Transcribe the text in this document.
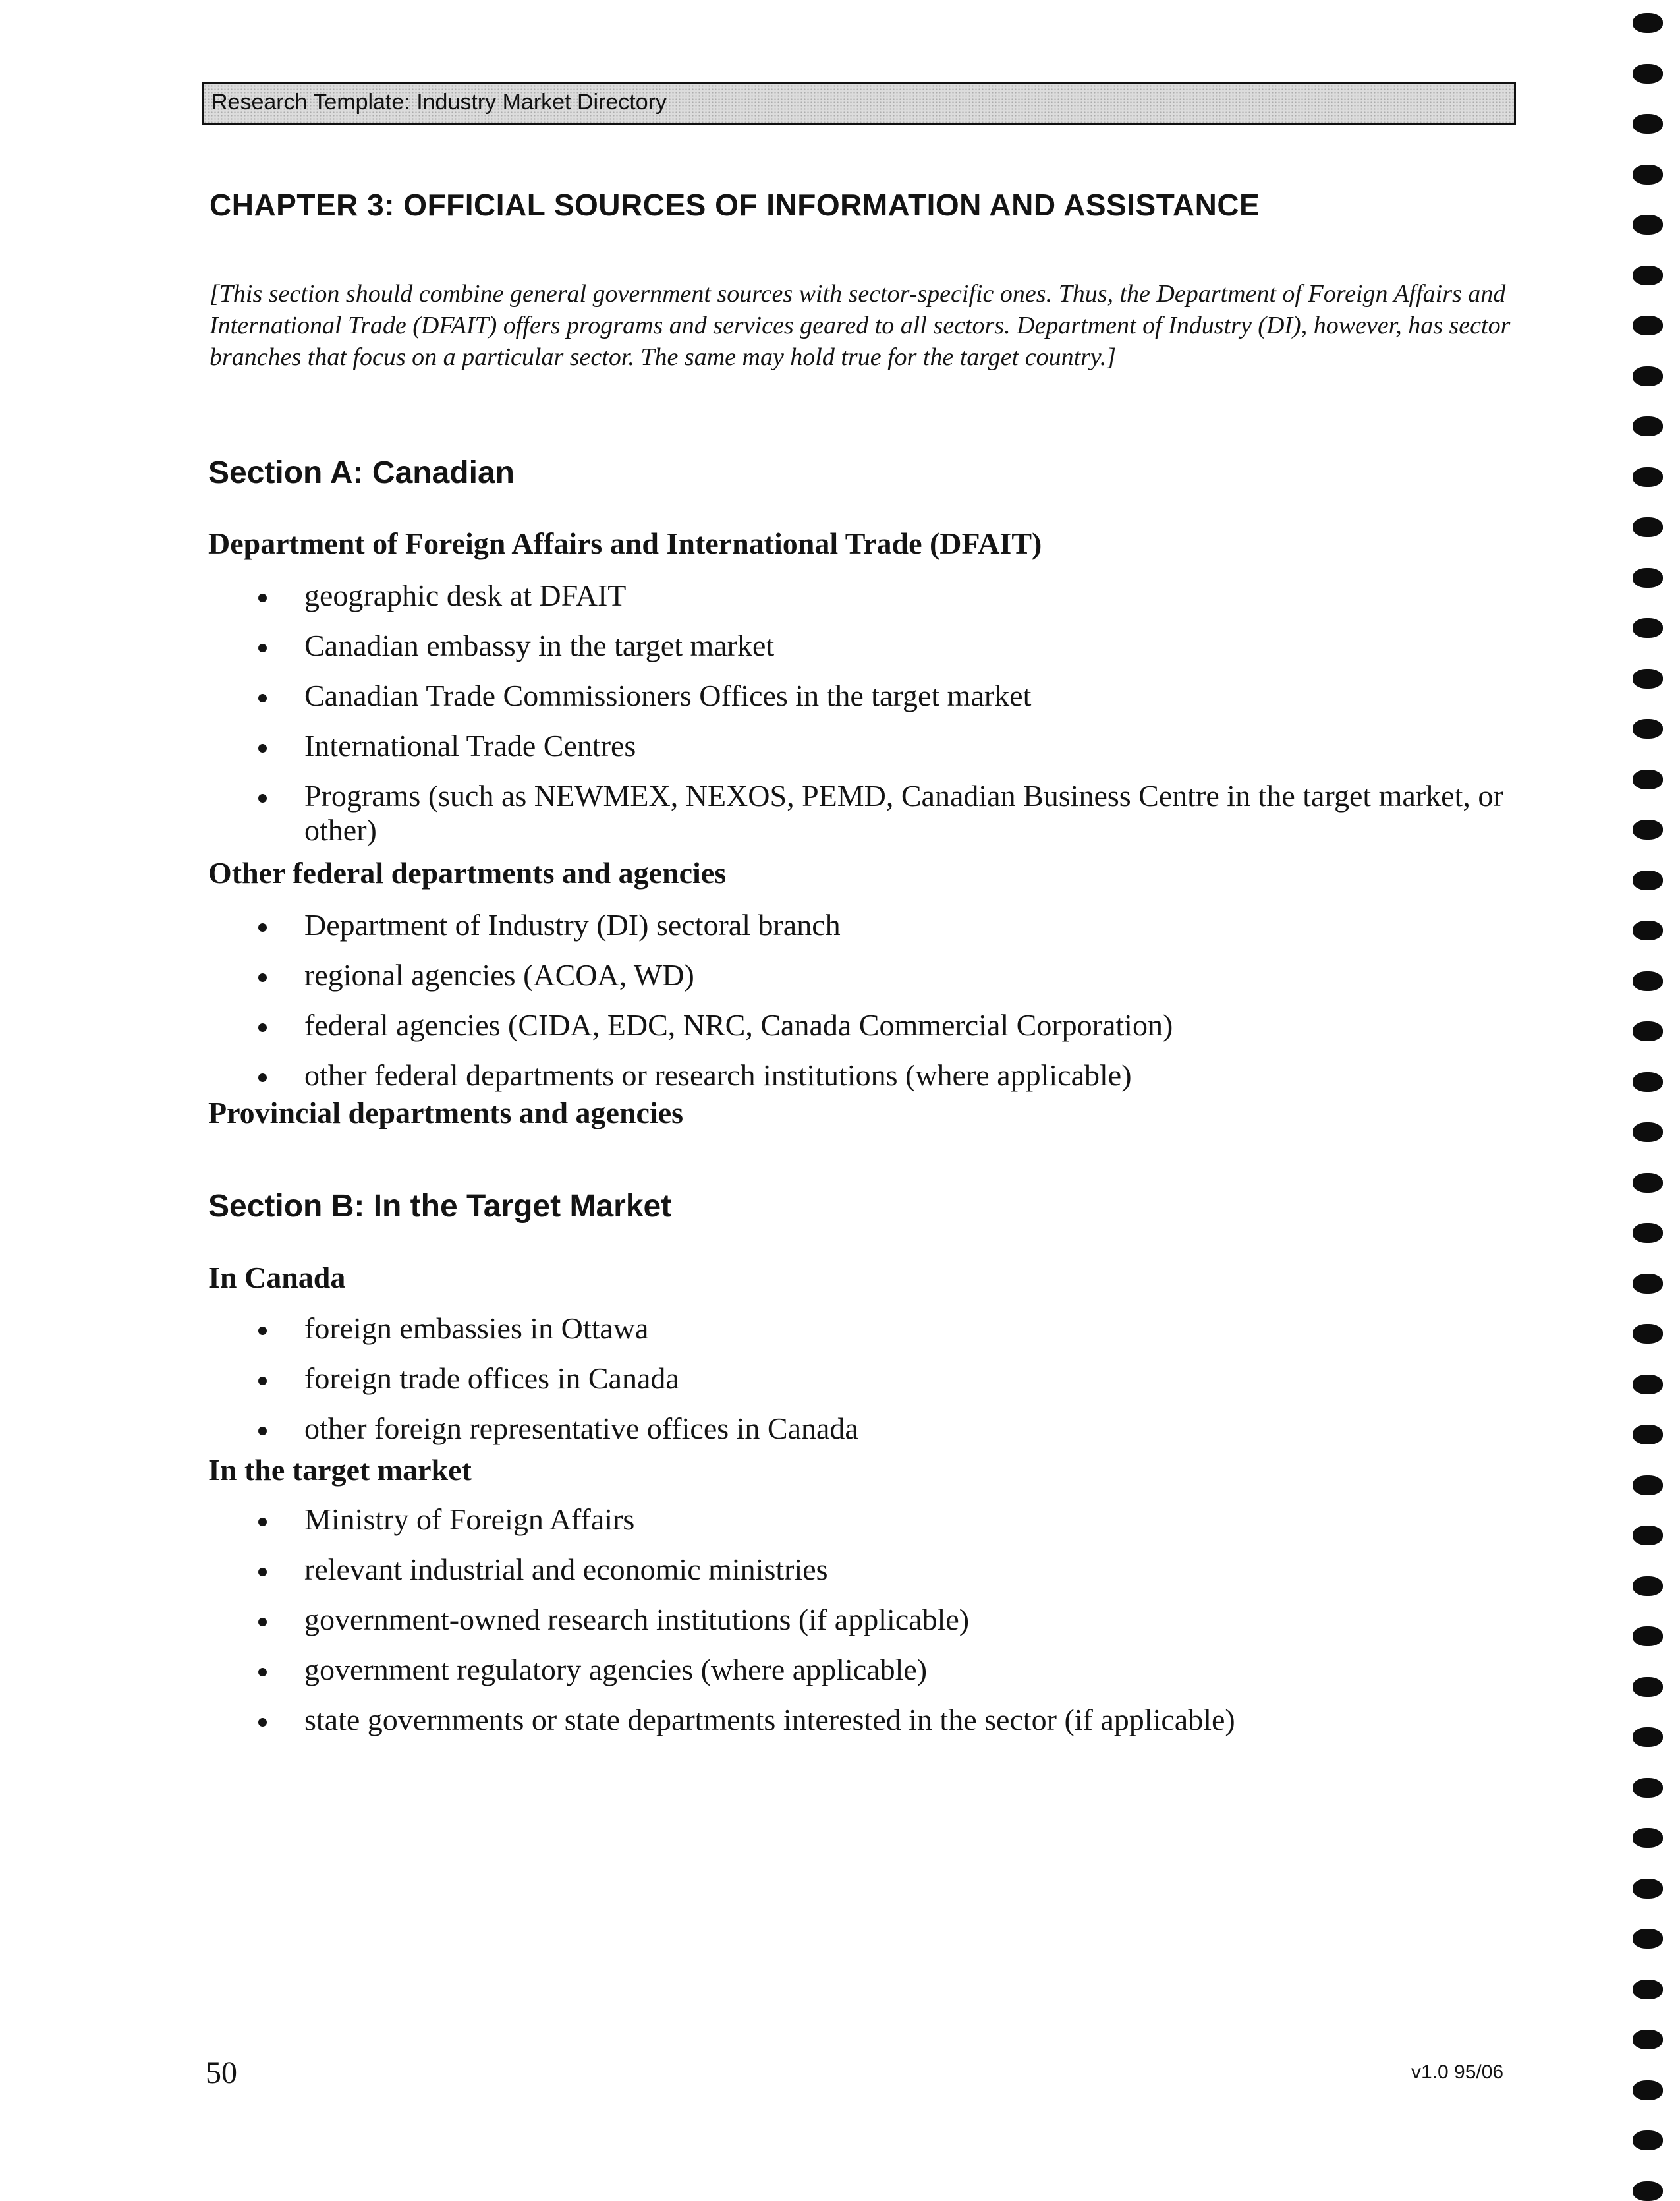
Research Template: Industry Market Directory
CHAPTER 3: OFFICIAL SOURCES OF INFORMATION AND ASSISTANCE

[This section should combine general government sources with sector-specific ones. Thus, the Department of Foreign Affairs and International Trade (DFAIT) offers programs and services geared to all sectors. Department of Industry (DI), however, has sector branches that focus on a particular sector. The same may hold true for the target country.]

Section A: Canadian
Department of Foreign Affairs and International Trade (DFAIT)
geographic desk at DFAIT
Canadian embassy in the target market
Canadian Trade Commissioners Offices in the target market
International Trade Centres
Programs (such as NEWMEX, NEXOS, PEMD, Canadian Business Centre in the target market, or other)
Other federal departments and agencies
Department of Industry (DI) sectoral branch
regional agencies (ACOA, WD)
federal agencies (CIDA, EDC, NRC, Canada Commercial Corporation)
other federal departments or research institutions (where applicable)
Provincial departments and agencies
Section B: In the Target Market
In Canada
foreign embassies in Ottawa
foreign trade offices in Canada
other foreign representative offices in Canada
In the target market
Ministry of Foreign Affairs
relevant industrial and economic ministries
government-owned research institutions (if applicable)
government regulatory agencies (where applicable)
state governments or state departments interested in the sector (if applicable)

50	v1.0 95/06
